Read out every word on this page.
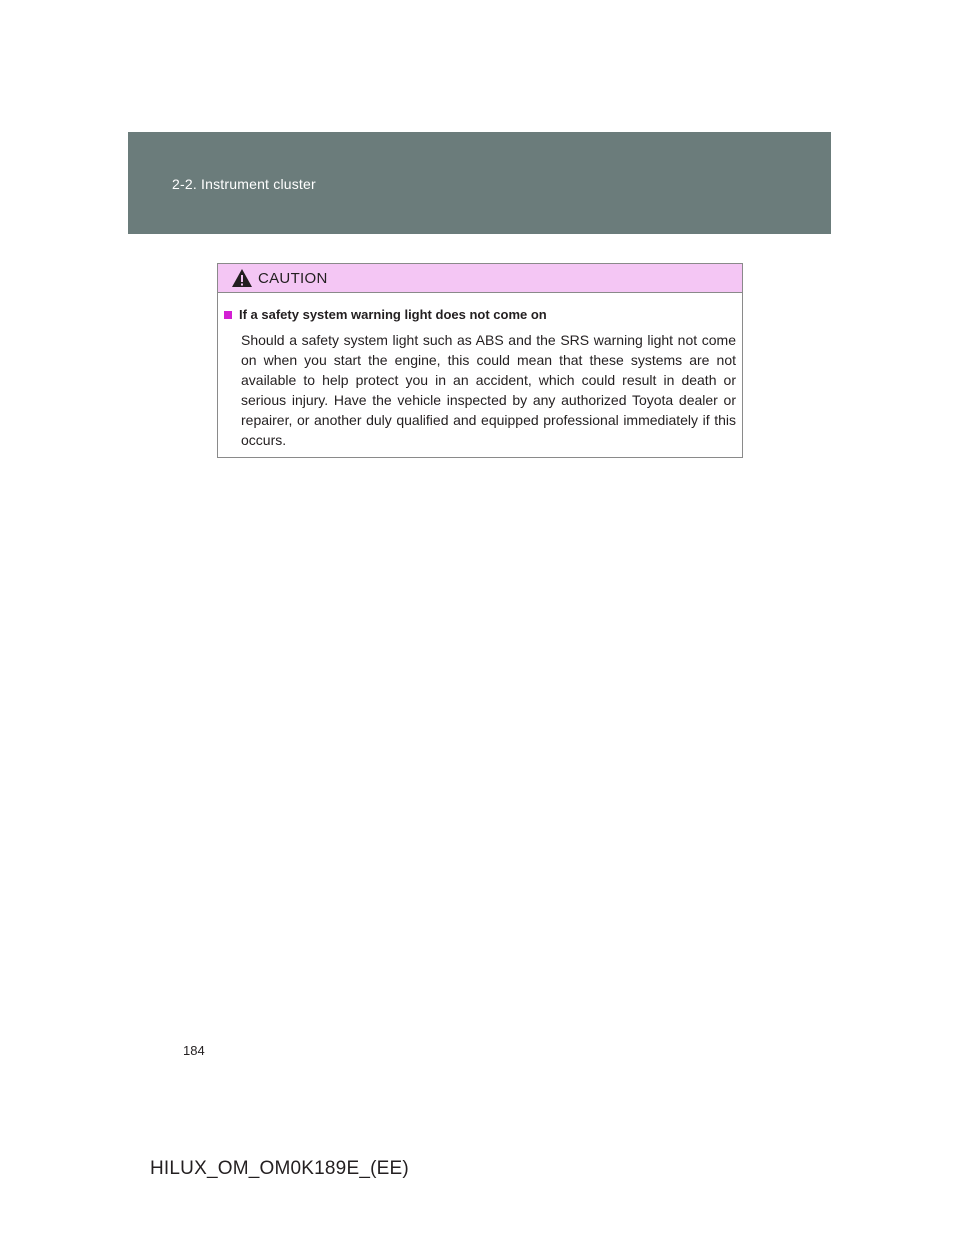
2-2. Instrument cluster
CAUTION
If a safety system warning light does not come on

Should a safety system light such as ABS and the SRS warning light not come on when you start the engine, this could mean that these systems are not available to help protect you in an accident, which could result in death or serious injury. Have the vehicle inspected by any authorized Toyota dealer or repairer, or another duly qualified and equipped professional immediately if this occurs.

184
HILUX_OM_OM0K189E_(EE)
